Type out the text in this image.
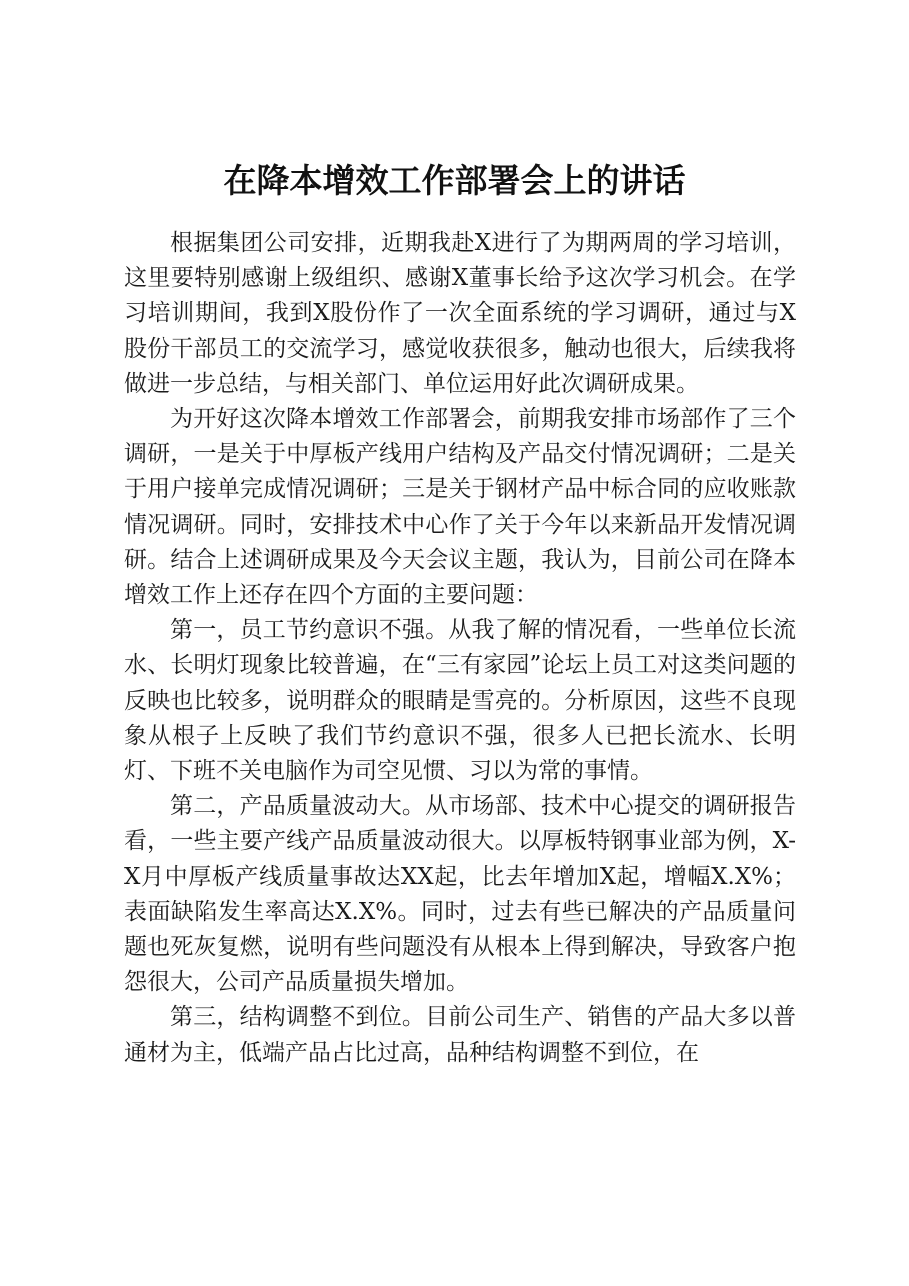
在降本增效工作部署会上的讲话

根据集团公司安排，近期我赴X进行了为期两周的学习培训，这里要特别感谢上级组织、感谢X董事长给予这次学习机会。在学习培训期间，我到X股份作了一次全面系统的学习调研，通过与X股份干部员工的交流学习，感觉收获很多，触动也很大，后续我将做进一步总结，与相关部门、单位运用好此次调研成果。

为开好这次降本增效工作部署会，前期我安排市场部作了三个调研，一是关于中厚板产线用户结构及产品交付情况调研；二是关于用户接单完成情况调研；三是关于钢材产品中标合同的应收账款情况调研。同时，安排技术中心作了关于今年以来新品开发情况调研。结合上述调研成果及今天会议主题，我认为，目前公司在降本增效工作上还存在四个方面的主要问题：

第一，员工节约意识不强。从我了解的情况看，一些单位长流水、长明灯现象比较普遍，在“三有家园”论坛上员工对这类问题的反映也比较多，说明群众的眼睛是雪亮的。分析原因，这些不良现象从根子上反映了我们节约意识不强，很多人已把长流水、长明灯、下班不关电脑作为司空见惯、习以为常的事情。

第二，产品质量波动大。从市场部、技术中心提交的调研报告看，一些主要产线产品质量波动很大。以厚板特钢事业部为例，X-X月中厚板产线质量事故达XX起，比去年增加X起，增幅X.X%；表面缺陷发生率高达X.X%。同时，过去有些已解决的产品质量问题也死灰复燃，说明有些问题没有从根本上得到解决，导致客户抱怨很大，公司产品质量损失增加。

第三，结构调整不到位。目前公司生产、销售的产品大多以普通材为主，低端产品占比过高，品种结构调整不到位，在
